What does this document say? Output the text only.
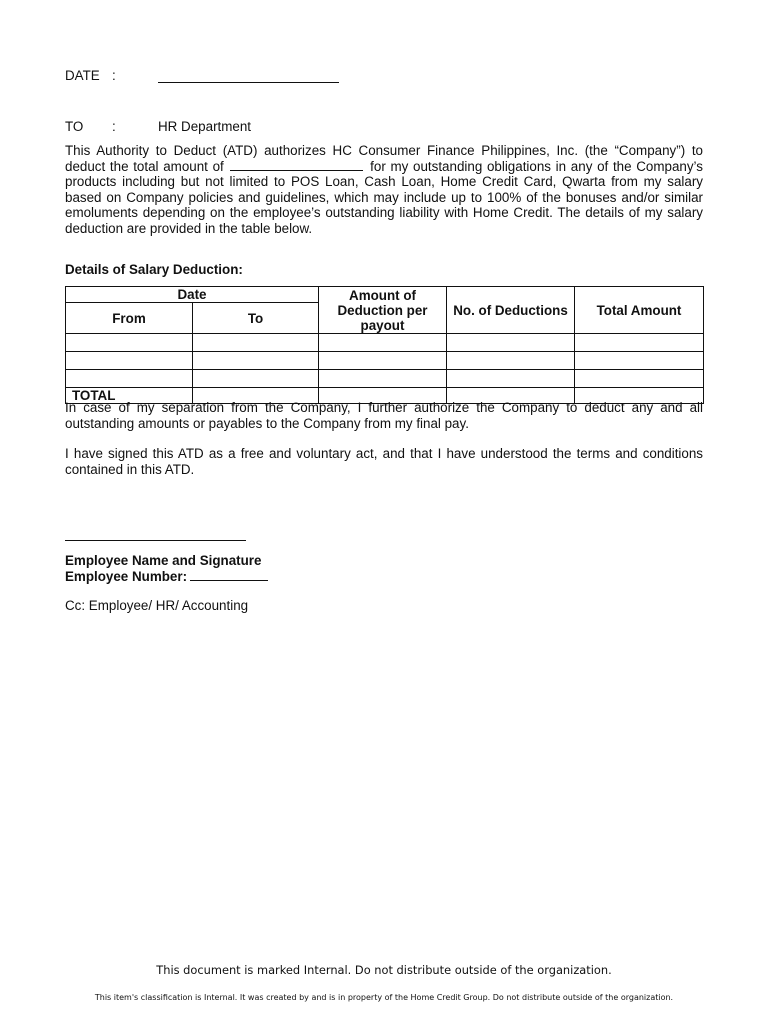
DATE :
TO :	HR Department
This Authority to Deduct (ATD) authorizes HC Consumer Finance Philippines, Inc. (the “Company”) to deduct the total amount of	for my outstanding obligations in any of the Company’s products including but not limited to POS Loan, Cash Loan, Home Credit Card, Qwarta from my salary based on Company policies and guidelines, which may include up to 100% of the bonuses and/or similar emoluments depending on the employee’s outstanding liability with Home Credit. The details of my salary deduction are provided in the table below.
Details of Salary Deduction:
Date		Amount of Deduction per payout	No. of Deductions	Total Amount
From	To			

TOTAL				
In case of my separation from the Company, I further authorize the Company to deduct any and all outstanding amounts or payables to the Company from my final pay.
I have signed this ATD as a free and voluntary act, and that I have understood the terms and conditions contained in this ATD.
Employee Name and Signature
Employee Number:
Cc: Employee/ HR/ Accounting
This document is marked Internal. Do not distribute outside of the organization.
This item's classification is Internal. It was created by and is in property of the Home Credit Group. Do not distribute outside of the organization.
